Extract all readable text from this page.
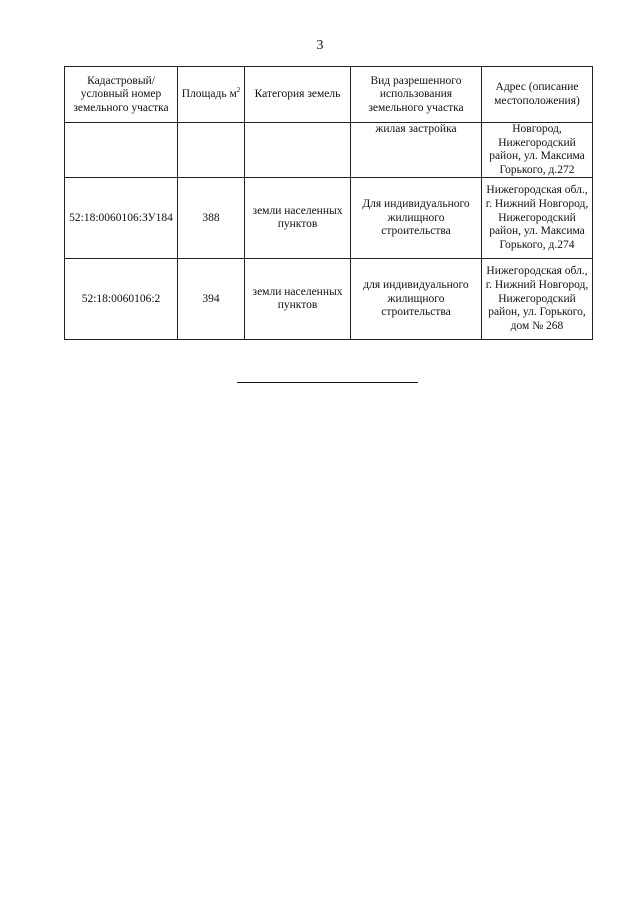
3
Кадастровый/ условный номер земельного участка	Площадь $м^2$	Категория земель	Вид разрешенного использования земельного участка	Адрес (описание местоположения)
			жилая застройка	Новгород, Нижегородский район, ул. Максима Горького, д.272
52:18:0060106:ЗУ184	388	земли населенных пунктов	Для индивидуального жилищного строительства	Нижегородская обл., г. Нижний Новгород, Нижегородский район, ул. Максима Горького, д.274
52:18:0060106:2	394	земли населенных пунктов	для индивидуального жилищного строительства	Нижегородская обл., г. Нижний Новгород, Нижегородский район, ул. Горького, дом № 268
